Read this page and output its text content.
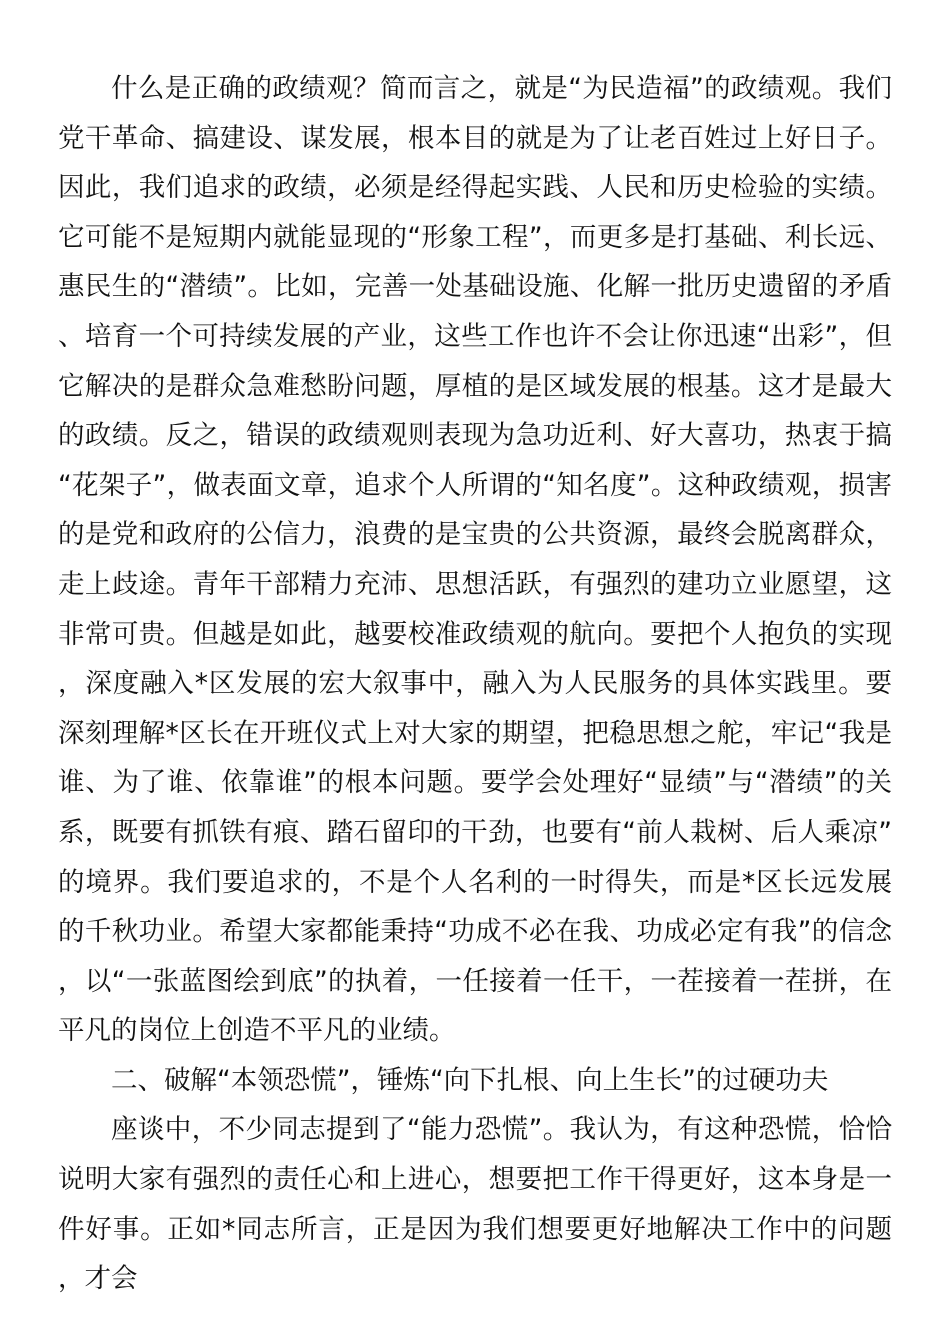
什么是正确的政绩观？简而言之，就是“为民造福”的政绩观。我们党干革命、搞建设、谋发展，根本目的就是为了让老百姓过上好日子。因此，我们追求的政绩，必须是经得起实践、人民和历史检验的实绩。它可能不是短期内就能显现的“形象工程”，而更多是打基础、利长远、惠民生的“潜绩”。比如，完善一处基础设施、化解一批历史遗留的矛盾、培育一个可持续发展的产业，这些工作也许不会让你迅速“出彩”，但它解决的是群众急难愁盼问题，厚植的是区域发展的根基。这才是最大的政绩。反之，错误的政绩观则表现为急功近利、好大喜功，热衷于搞“花架子”，做表面文章，追求个人所谓的“知名度”。这种政绩观，损害的是党和政府的公信力，浪费的是宝贵的公共资源，最终会脱离群众，走上歧途。青年干部精力充沛、思想活跃，有强烈的建功立业愿望，这非常可贵。但越是如此，越要校准政绩观的航向。要把个人抱负的实现，深度融入*区发展的宏大叙事中，融入为人民服务的具体实践里。要深刻理解*区长在开班仪式上对大家的期望，把稳思想之舵，牢记“我是谁、为了谁、依靠谁”的根本问题。要学会处理好“显绩”与“潜绩”的关系，既要有抓铁有痕、踏石留印的干劲，也要有“前人栽树、后人乘凉”的境界。我们要追求的，不是个人名利的一时得失，而是*区长远发展的千秋功业。希望大家都能秉持“功成不必在我、功成必定有我”的信念，以“一张蓝图绘到底”的执着，一任接着一任干，一茬接着一茬拼，在平凡的岗位上创造不平凡的业绩。

二、破解“本领恐慌”，锤炼“向下扎根、向上生长”的过硬功夫

座谈中，不少同志提到了“能力恐慌”。我认为，有这种恐慌，恰恰说明大家有强烈的责任心和上进心，想要把工作干得更好，这本身是一件好事。正如*同志所言，正是因为我们想要更好地解决工作中的问题，才会
